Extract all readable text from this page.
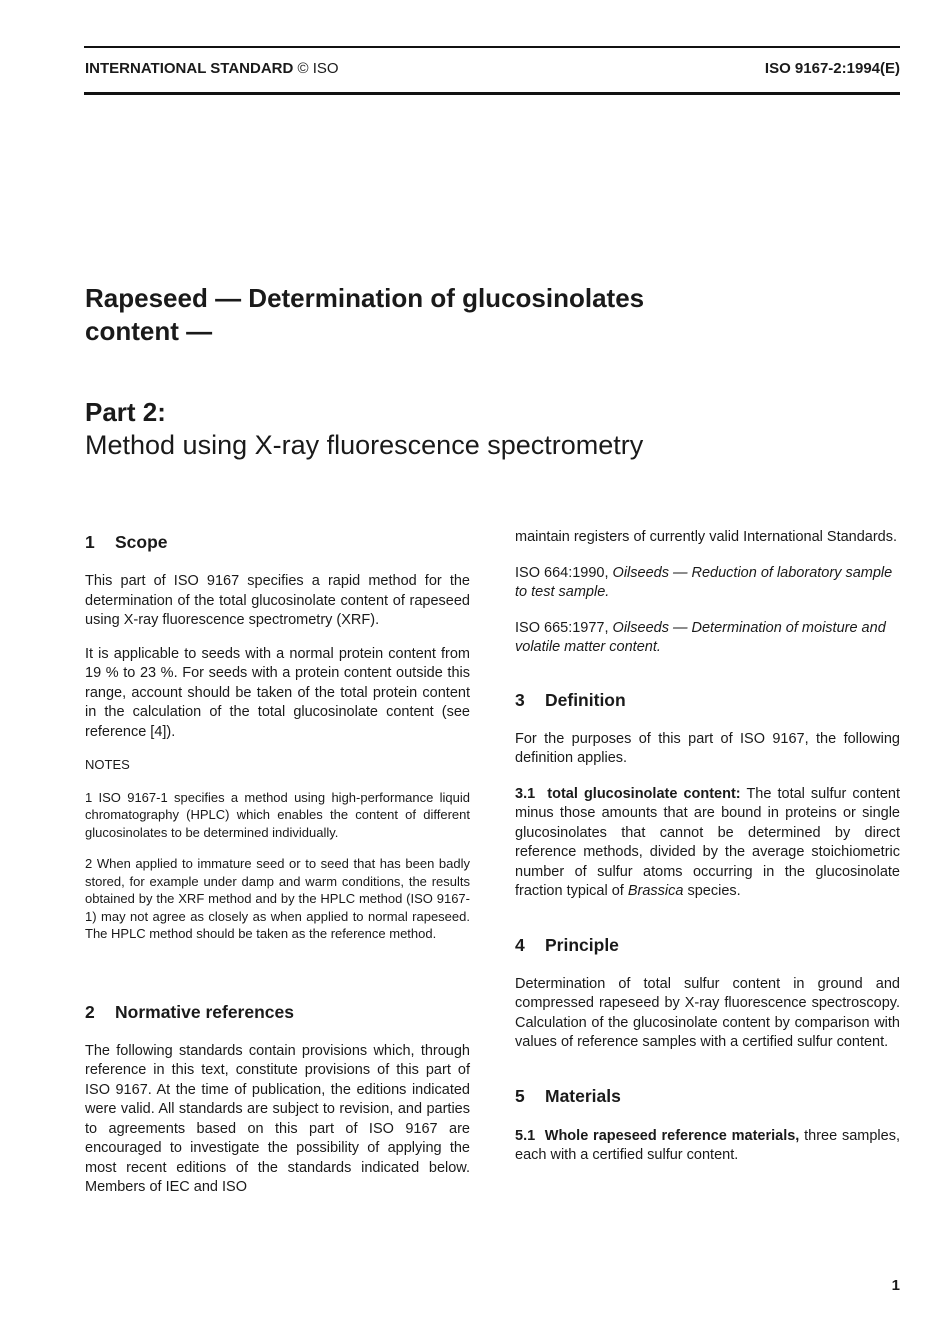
INTERNATIONAL STANDARD © ISO	ISO 9167-2:1994(E)

Rapeseed — Determination of glucosinolates

content —

Part 2:

Method using X-ray fluorescence spectrometry

1 Scope

This part of ISO 9167 specifies a rapid method for the determination of the total glucosinolate content of rapeseed using X-ray fluorescence spectrometry (XRF).

It is applicable to seeds with a normal protein content from 19 % to 23 %. For seeds with a protein content outside this range, account should be taken of the total protein content in the calculation of the total glucosinolate content (see reference [4]).

NOTES

1 ISO 9167-1 specifies a method using high-performance liquid chromatography (HPLC) which enables the content of different glucosinolates to be determined individually.

2 When applied to immature seed or to seed that has been badly stored, for example under damp and warm conditions, the results obtained by the XRF method and by the HPLC method (ISO 9167-1) may not agree as closely as when applied to normal rapeseed. The HPLC method should be taken as the reference method.

2 Normative references

The following standards contain provisions which, through reference in this text, constitute provisions of this part of ISO 9167. At the time of publication, the editions indicated were valid. All standards are subject to revision, and parties to agreements based on this part of ISO 9167 are encouraged to investigate the possibility of applying the most recent editions of the standards indicated below. Members of IEC and ISO

maintain registers of currently valid International Standards.

ISO 664:1990, Oilseeds — Reduction of laboratory sample to test sample.

ISO 665:1977, Oilseeds — Determination of moisture and volatile matter content.

3 Definition

For the purposes of this part of ISO 9167, the following definition applies.

3.1 total glucosinolate content: The total sulfur content minus those amounts that are bound in proteins or single glucosinolates that cannot be determined by direct reference methods, divided by the average stoichiometric number of sulfur atoms occurring in the glucosinolate fraction typical of Brassica species.

4 Principle

Determination of total sulfur content in ground and compressed rapeseed by X-ray fluorescence spectroscopy. Calculation of the glucosinolate content by comparison with values of reference samples with a certified sulfur content.

5 Materials

5.1 Whole rapeseed reference materials, three samples, each with a certified sulfur content.

1
